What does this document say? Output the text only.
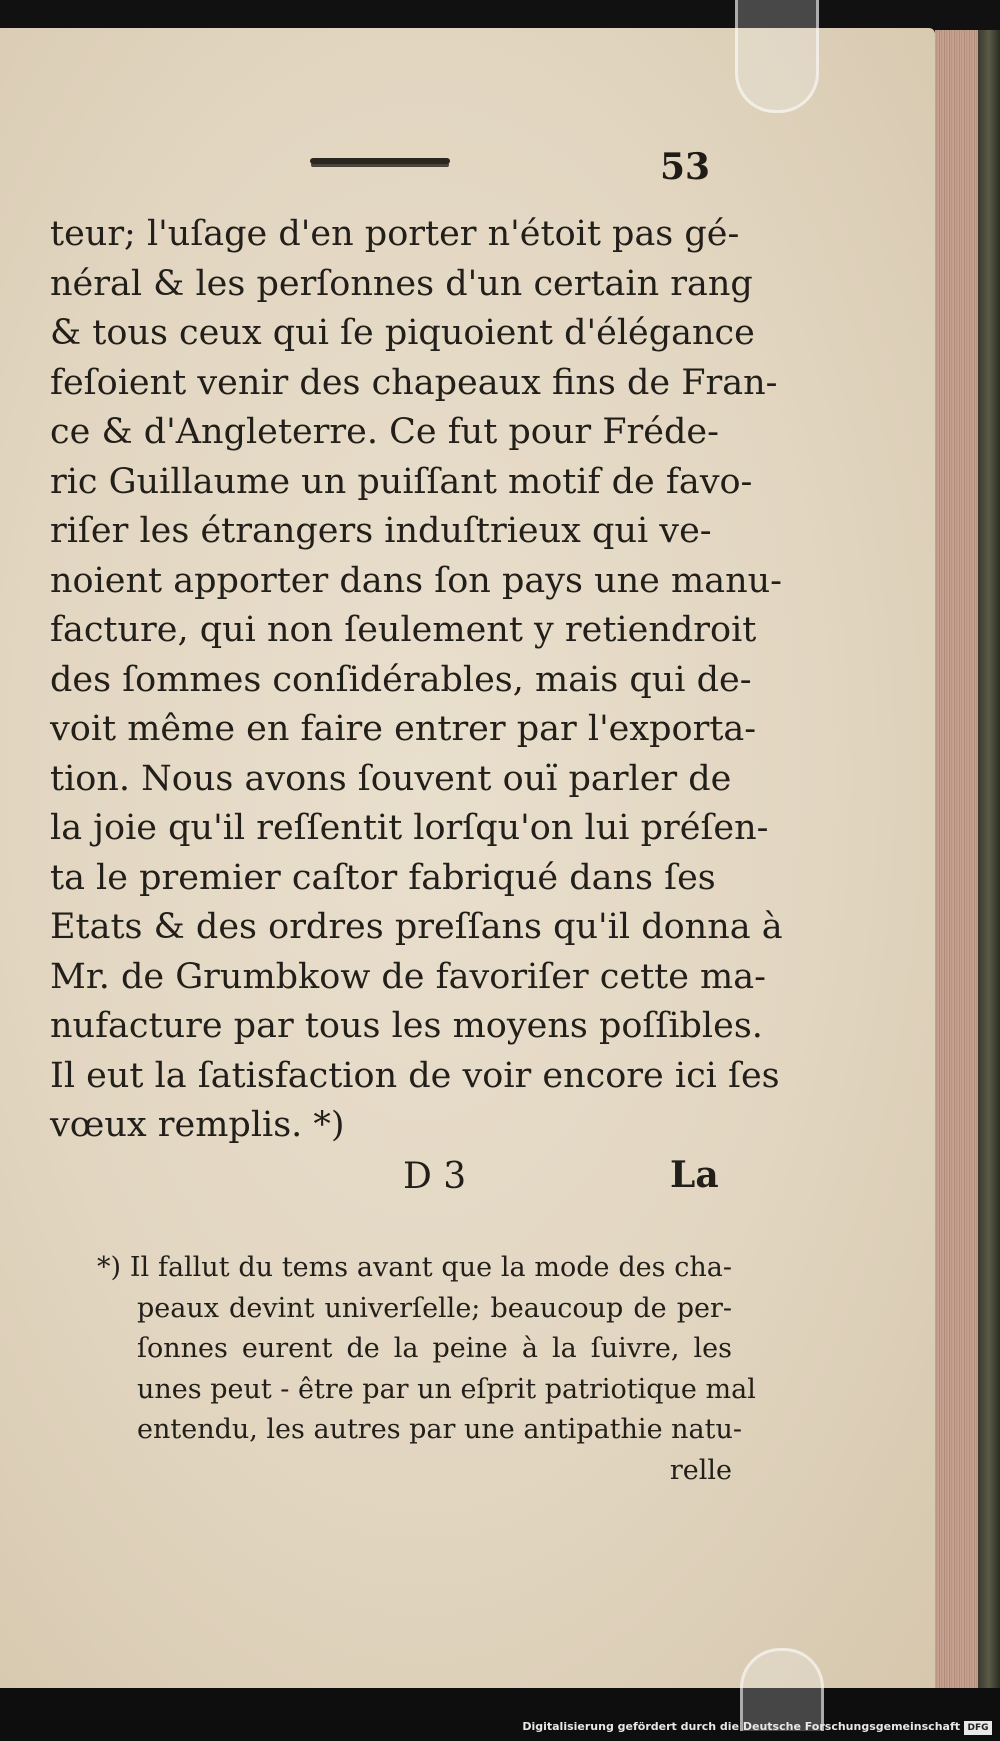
53
teur; l'uſage d'en porter n'étoit pas gé-
néral & les perſonnes d'un certain rang
& tous ceux qui ſe piquoient d'élégance
feſoient venir des chapeaux fins de Fran-
ce & d'Angleterre. Ce fut pour Fréde-
ric Guillaume un puiſſant motif de favo-
riſer les étrangers induſtrieux qui ve-
noient apporter dans ſon pays une manu-
facture, qui non ſeulement y retiendroit
des ſommes conſidérables, mais qui de-
voit même en faire entrer par l'exporta-
tion. Nous avons ſouvent ouï parler de
la joie qu'il reſſentit lorſqu'on lui préſen-
ta le premier caſtor fabriqué dans ſes
Etats & des ordres preſſans qu'il donna à
Mr. de Grumbkow de favoriſer cette ma-
nufacture par tous les moyens poſſibles.
Il eut la ſatisfaction de voir encore ici ſes
vœux remplis. *)
D 3	La
*) Il fallut du tems avant que la mode des cha-
peaux devint univerſelle; beaucoup de per-
ſonnes eurent de la peine à la ſuivre, les
unes peut - être par un eſprit patriotique mal
entendu, les autres par une antipathie natu-
relle
Digitalisierung gefördert durch die Deutsche Forschungsgemeinschaft DFG
